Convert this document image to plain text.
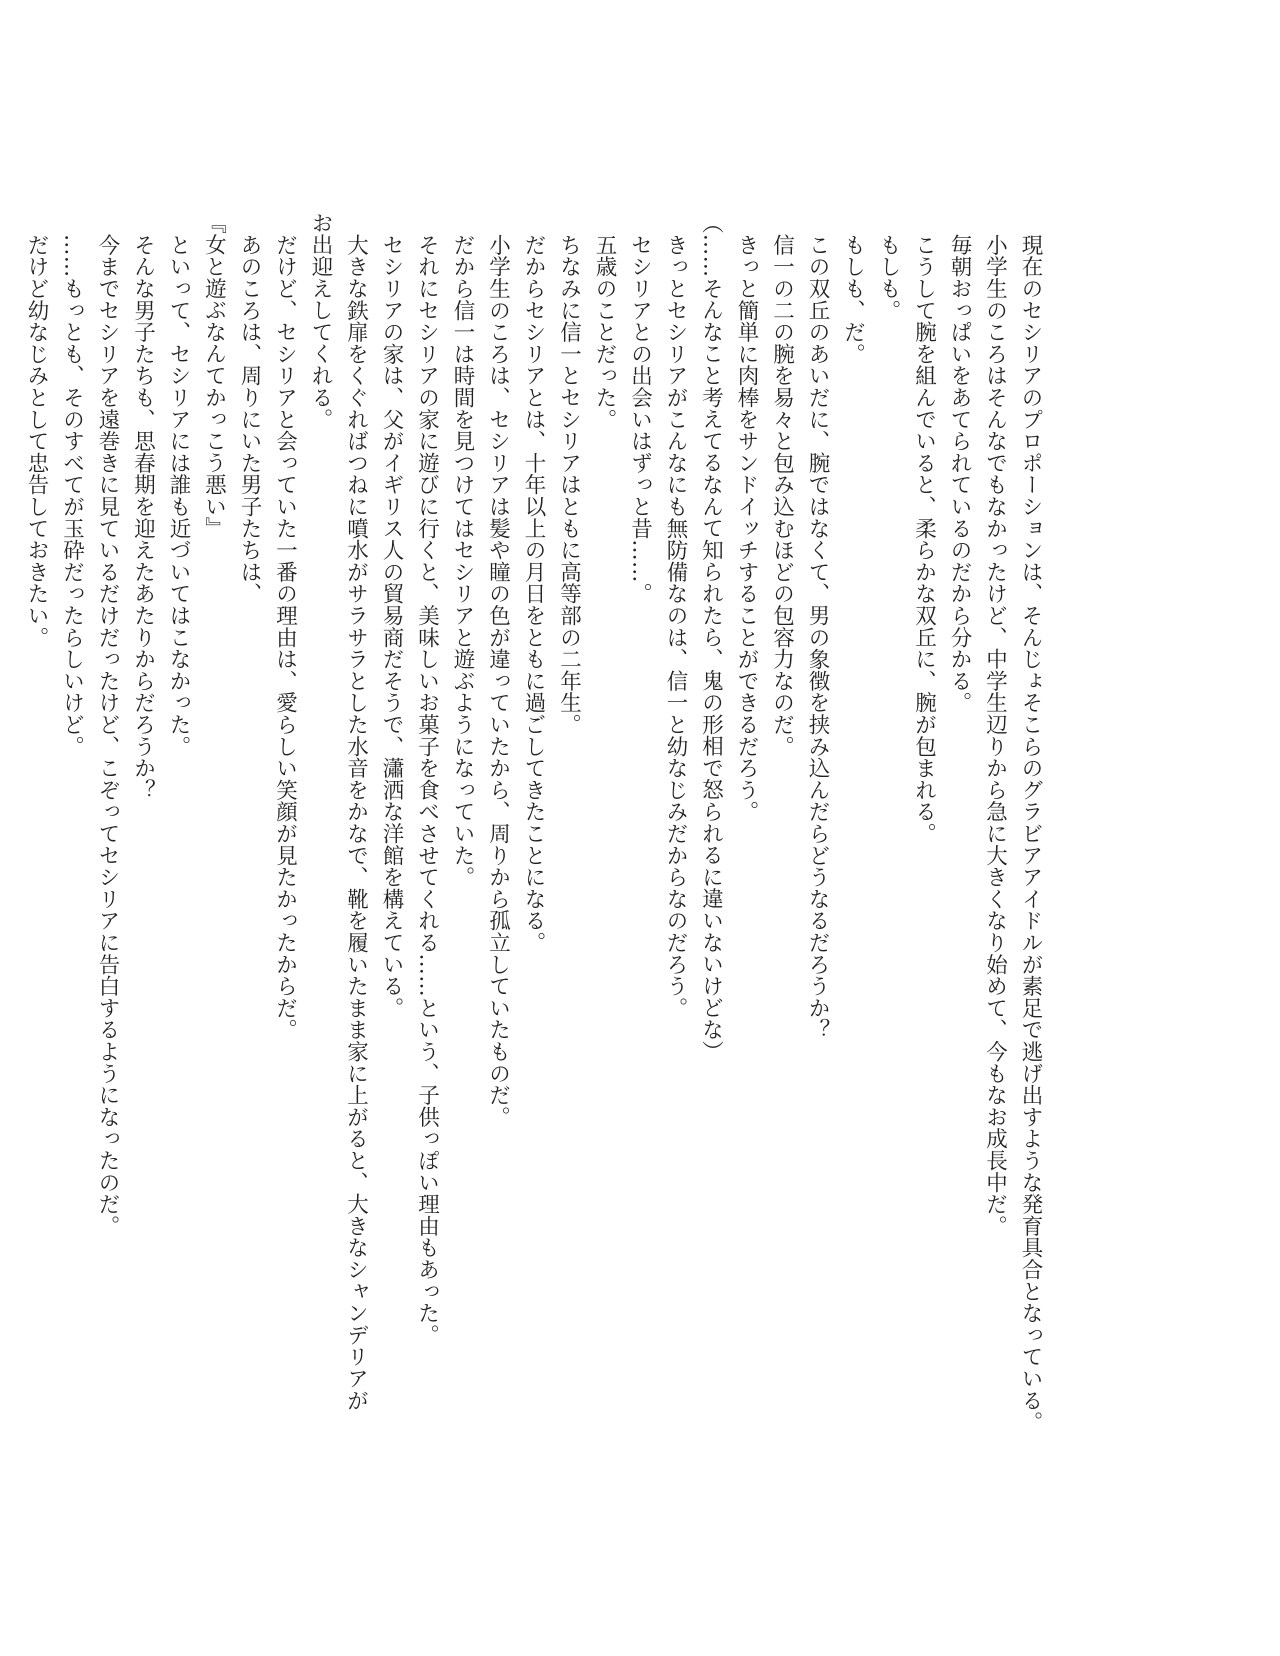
現在のセシリアのプロポーションは、そんじょそこらのグラビアアイドルが素足で逃げ出すような発育具合となっている。
小学生のころはそんなでもなかったけど、中学生辺りから急に大きくなり始めて、今もなお成長中だ。
毎朝おっぱいをあてられているのだから分かる。
こうして腕を組んでいると、柔らかな双丘に、腕が包まれる。
もしも。
もしも、だ。
この双丘のあいだに、腕ではなくて、男の象徴を挟み込んだらどうなるだろうか？
信一の二の腕を易々と包み込むほどの包容力なのだ。
きっと簡単に肉棒をサンドイッチすることができるだろう。
（……そんなこと考えてるなんて知られたら、鬼の形相で怒られるに違いないけどな）
きっとセシリアがこんなにも無防備なのは、信一と幼なじみだからなのだろう。
セシリアとの出会いはずっと昔……。
五歳のことだった。
ちなみに信一とセシリアはともに高等部の二年生。
だからセシリアとは、十年以上の月日をともに過ごしてきたことになる。
小学生のころは、セシリアは髪や瞳の色が違っていたから、周りから孤立していたものだ。
だから信一は時間を見つけてはセシリアと遊ぶようになっていた。
それにセシリアの家に遊びに行くと、美味しいお菓子を食べさせてくれる……という、子供っぽい理由もあった。
セシリアの家は、父がイギリス人の貿易商だそうで、瀟洒な洋館を構えている。
大きな鉄扉をくぐればつねに噴水がサラサラとした水音をかなで、靴を履いたまま家に上がると、大きなシャンデリアが
お出迎えしてくれる。
だけど、セシリアと会っていた一番の理由は、愛らしい笑顔が見たかったからだ。
あのころは、周りにいた男子たちは、
『女と遊ぶなんてかっこう悪い』
といって、セシリアには誰も近づいてはこなかった。
そんな男子たちも、思春期を迎えたあたりからだろうか？
今までセシリアを遠巻きに見ているだけだったけど、こぞってセシリアに告白するようになったのだ。
……もっとも、そのすべてが玉砕だったらしいけど。
だけど幼なじみとして忠告しておきたい。
